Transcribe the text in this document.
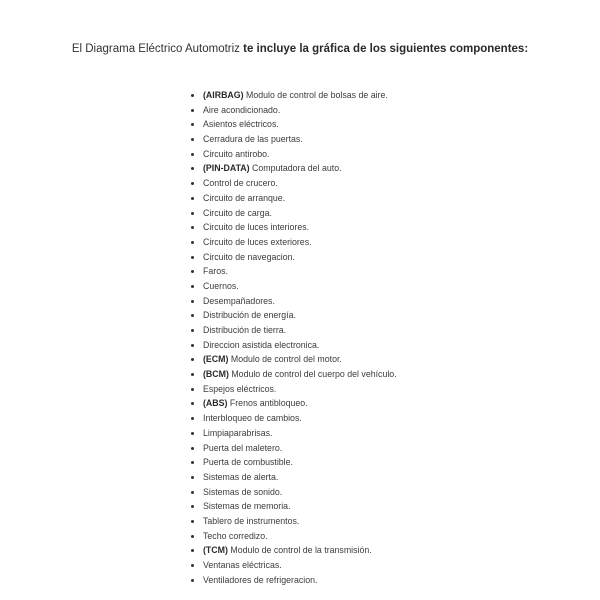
El Diagrama Eléctrico Automotriz te incluye la gráfica de los siguientes componentes:
(AIRBAG) Modulo de control de bolsas de aire.
Aire acondicionado.
Asientos eléctricos.
Cerradura de las puertas.
Circuito antirobo.
(PIN-DATA) Computadora del auto.
Control de crucero.
Circuito de arranque.
Circuito de carga.
Circuito de luces interiores.
Circuito de luces exteriores.
Circuito de navegacion.
Faros.
Cuernos.
Desempañadores.
Distribución de energía.
Distribución de tierra.
Direccion asistida electronica.
(ECM) Modulo de control del motor.
(BCM) Modulo de control del cuerpo del vehículo.
Espejos eléctricos.
(ABS) Frenos antibloqueo.
Interbloqueo de cambios.
Limpiaparabrisas.
Puerta del maletero.
Puerta de combustible.
Sistemas de alerta.
Sistemas de sonido.
Sistemas de memoria.
Tablero de instrumentos.
Techo corredizo.
(TCM) Modulo de control de la transmisión.
Ventanas eléctricas.
Ventiladores de refrigeracion.
